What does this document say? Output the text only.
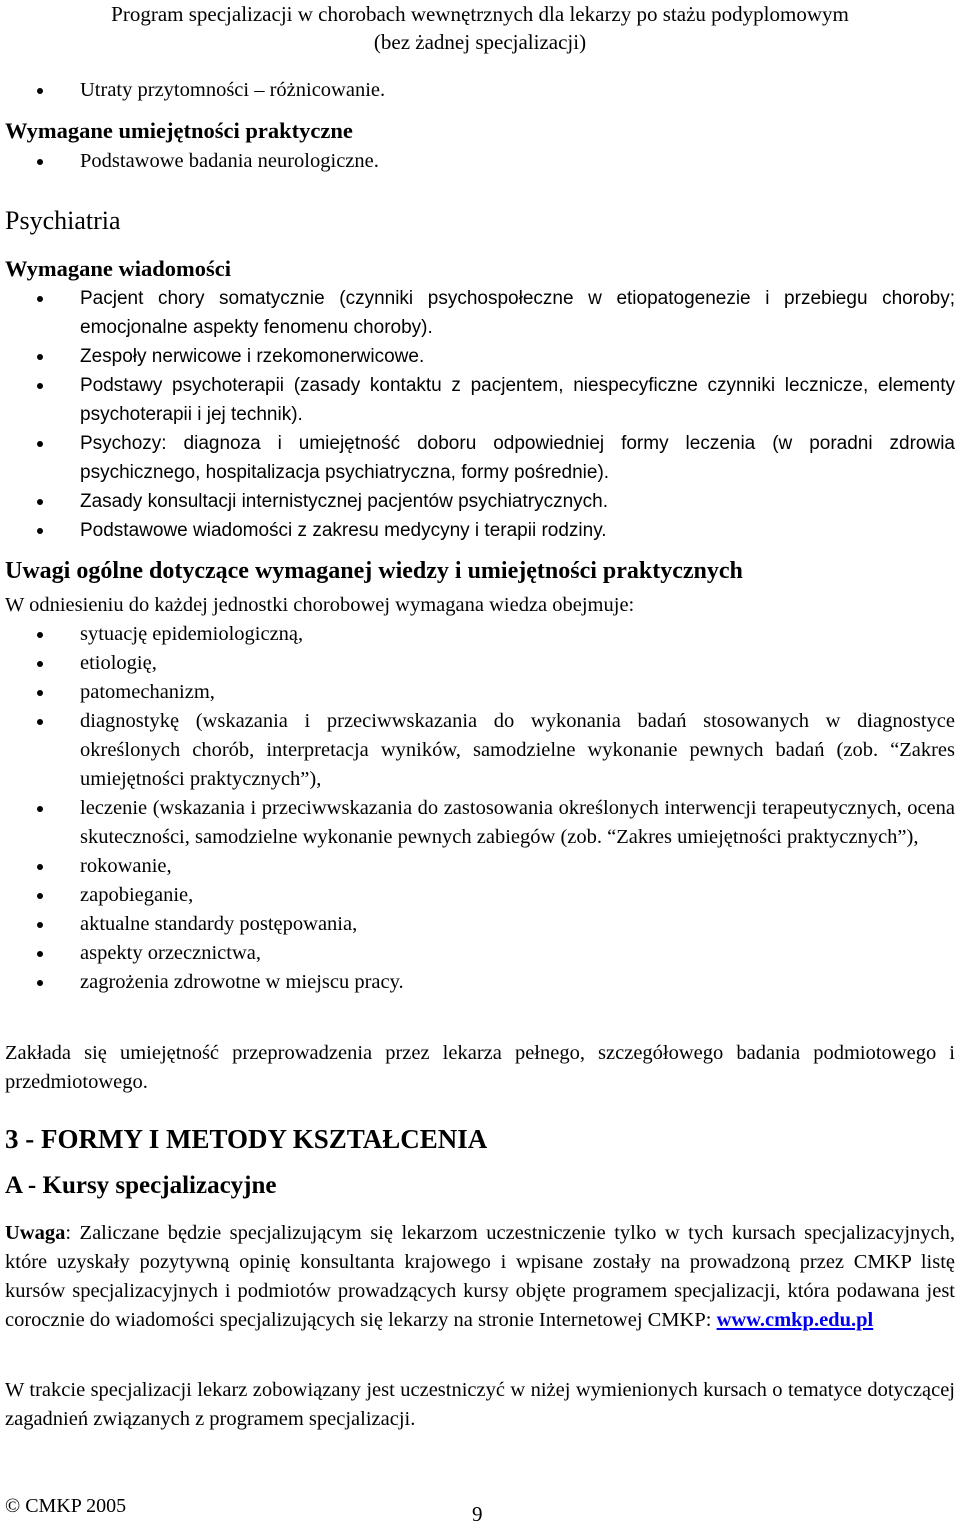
Program specjalizacji w chorobach wewnętrznych dla lekarzy po stażu podyplomowym
(bez żadnej specjalizacji)
Utraty przytomności – różnicowanie.
Wymagane umiejętności praktyczne
Podstawowe badania neurologiczne.
Psychiatria
Wymagane wiadomości
Pacjent chory somatycznie (czynniki psychospołeczne w etiopatogenezie i przebiegu choroby; emocjonalne aspekty fenomenu choroby).
Zespoły nerwicowe i rzekomonerwicowe.
Podstawy psychoterapii (zasady kontaktu z pacjentem, niespecyficzne czynniki lecznicze, elementy psychoterapii i jej technik).
Psychozy: diagnoza i umiejętność doboru odpowiedniej formy leczenia (w poradni zdrowia psychicznego, hospitalizacja psychiatryczna, formy pośrednie).
Zasady konsultacji internistycznej pacjentów psychiatrycznych.
Podstawowe wiadomości z zakresu medycyny i terapii rodziny.
Uwagi ogólne dotyczące wymaganej wiedzy i umiejętności praktycznych
W odniesieniu do każdej jednostki chorobowej wymagana wiedza obejmuje:
sytuację epidemiologiczną,
etiologię,
patomechanizm,
diagnostykę (wskazania i przeciwwskazania do wykonania badań stosowanych w diagnostyce określonych chorób, interpretacja wyników, samodzielne wykonanie pewnych badań (zob. “Zakres umiejętności praktycznych”),
leczenie (wskazania i przeciwwskazania do zastosowania określonych interwencji terapeutycznych, ocena skuteczności, samodzielne wykonanie pewnych zabiegów (zob. “Zakres umiejętności praktycznych”),
rokowanie,
zapobieganie,
aktualne standardy postępowania,
aspekty orzecznictwa,
zagrożenia zdrowotne w miejscu pracy.
Zakłada się umiejętność przeprowadzenia przez lekarza pełnego, szczegółowego badania podmiotowego i przedmiotowego.
3 - FORMY I METODY KSZTAŁCENIA
A - Kursy specjalizacyjne
Uwaga: Zaliczane będzie specjalizującym się lekarzom uczestniczenie tylko w tych kursach specjalizacyjnych, które uzyskały pozytywną opinię konsultanta krajowego i wpisane zostały na prowadzoną przez CMKP listę kursów specjalizacyjnych i podmiotów prowadzących kursy objęte programem specjalizacji, która podawana jest corocznie do wiadomości specjalizujących się lekarzy na stronie Internetowej CMKP: www.cmkp.edu.pl
W trakcie specjalizacji lekarz zobowiązany jest uczestniczyć w niżej wymienionych kursach o tematyce dotyczącej zagadnień związanych z programem specjalizacji.
© CMKP 2005	9
